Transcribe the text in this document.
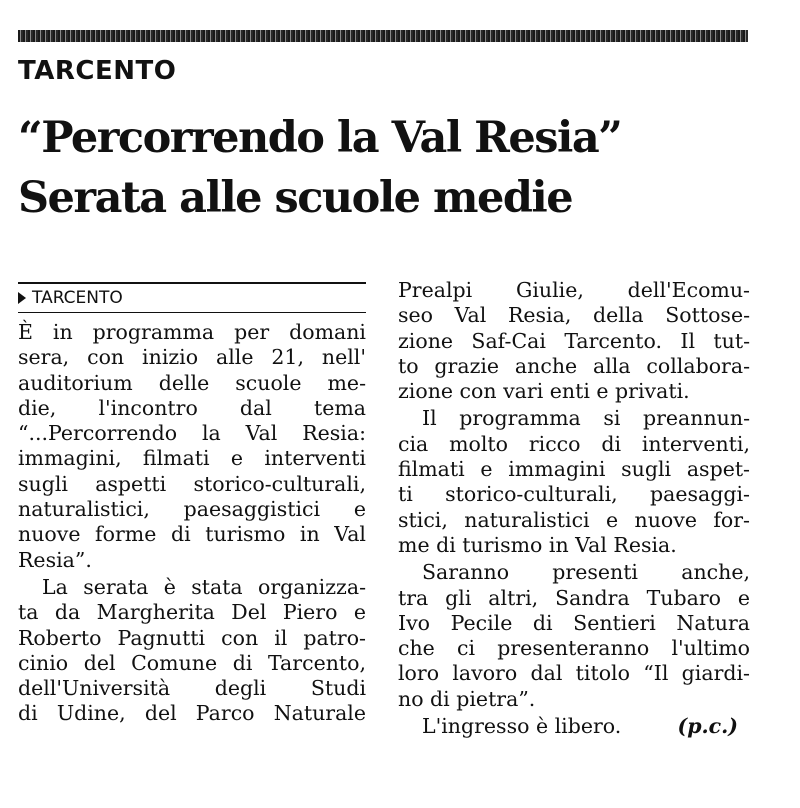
TARCENTO
“Percorrendo la Val Resia”
Serata alle scuole medie
TARCENTO
È in programma per domani
sera, con inizio alle 21, nell'
auditorium delle scuole me-
die, l'incontro dal tema
“...Percorrendo la Val Resia:
immagini, filmati e interventi
sugli aspetti storico-culturali,
naturalistici, paesaggistici e
nuove forme di turismo in Val
Resia”.
La serata è stata organizza-
ta da Margherita Del Piero e
Roberto Pagnutti con il patro-
cinio del Comune di Tarcento,
dell'Università degli Studi
di Udine, del Parco Naturale
Prealpi Giulie, dell'Ecomu-
seo Val Resia, della Sottose-
zione Saf-Cai Tarcento. Il tut-
to grazie anche alla collabora-
zione con vari enti e privati.
Il programma si preannun-
cia molto ricco di interventi,
filmati e immagini sugli aspet-
ti storico-culturali, paesaggi-
stici, naturalistici e nuove for-
me di turismo in Val Resia.
Saranno presenti anche,
tra gli altri, Sandra Tubaro e
Ivo Pecile di Sentieri Natura
che ci presenteranno l'ultimo
loro lavoro dal titolo “Il giardi-
no di pietra”.
L'ingresso è libero.	(p.c.)
